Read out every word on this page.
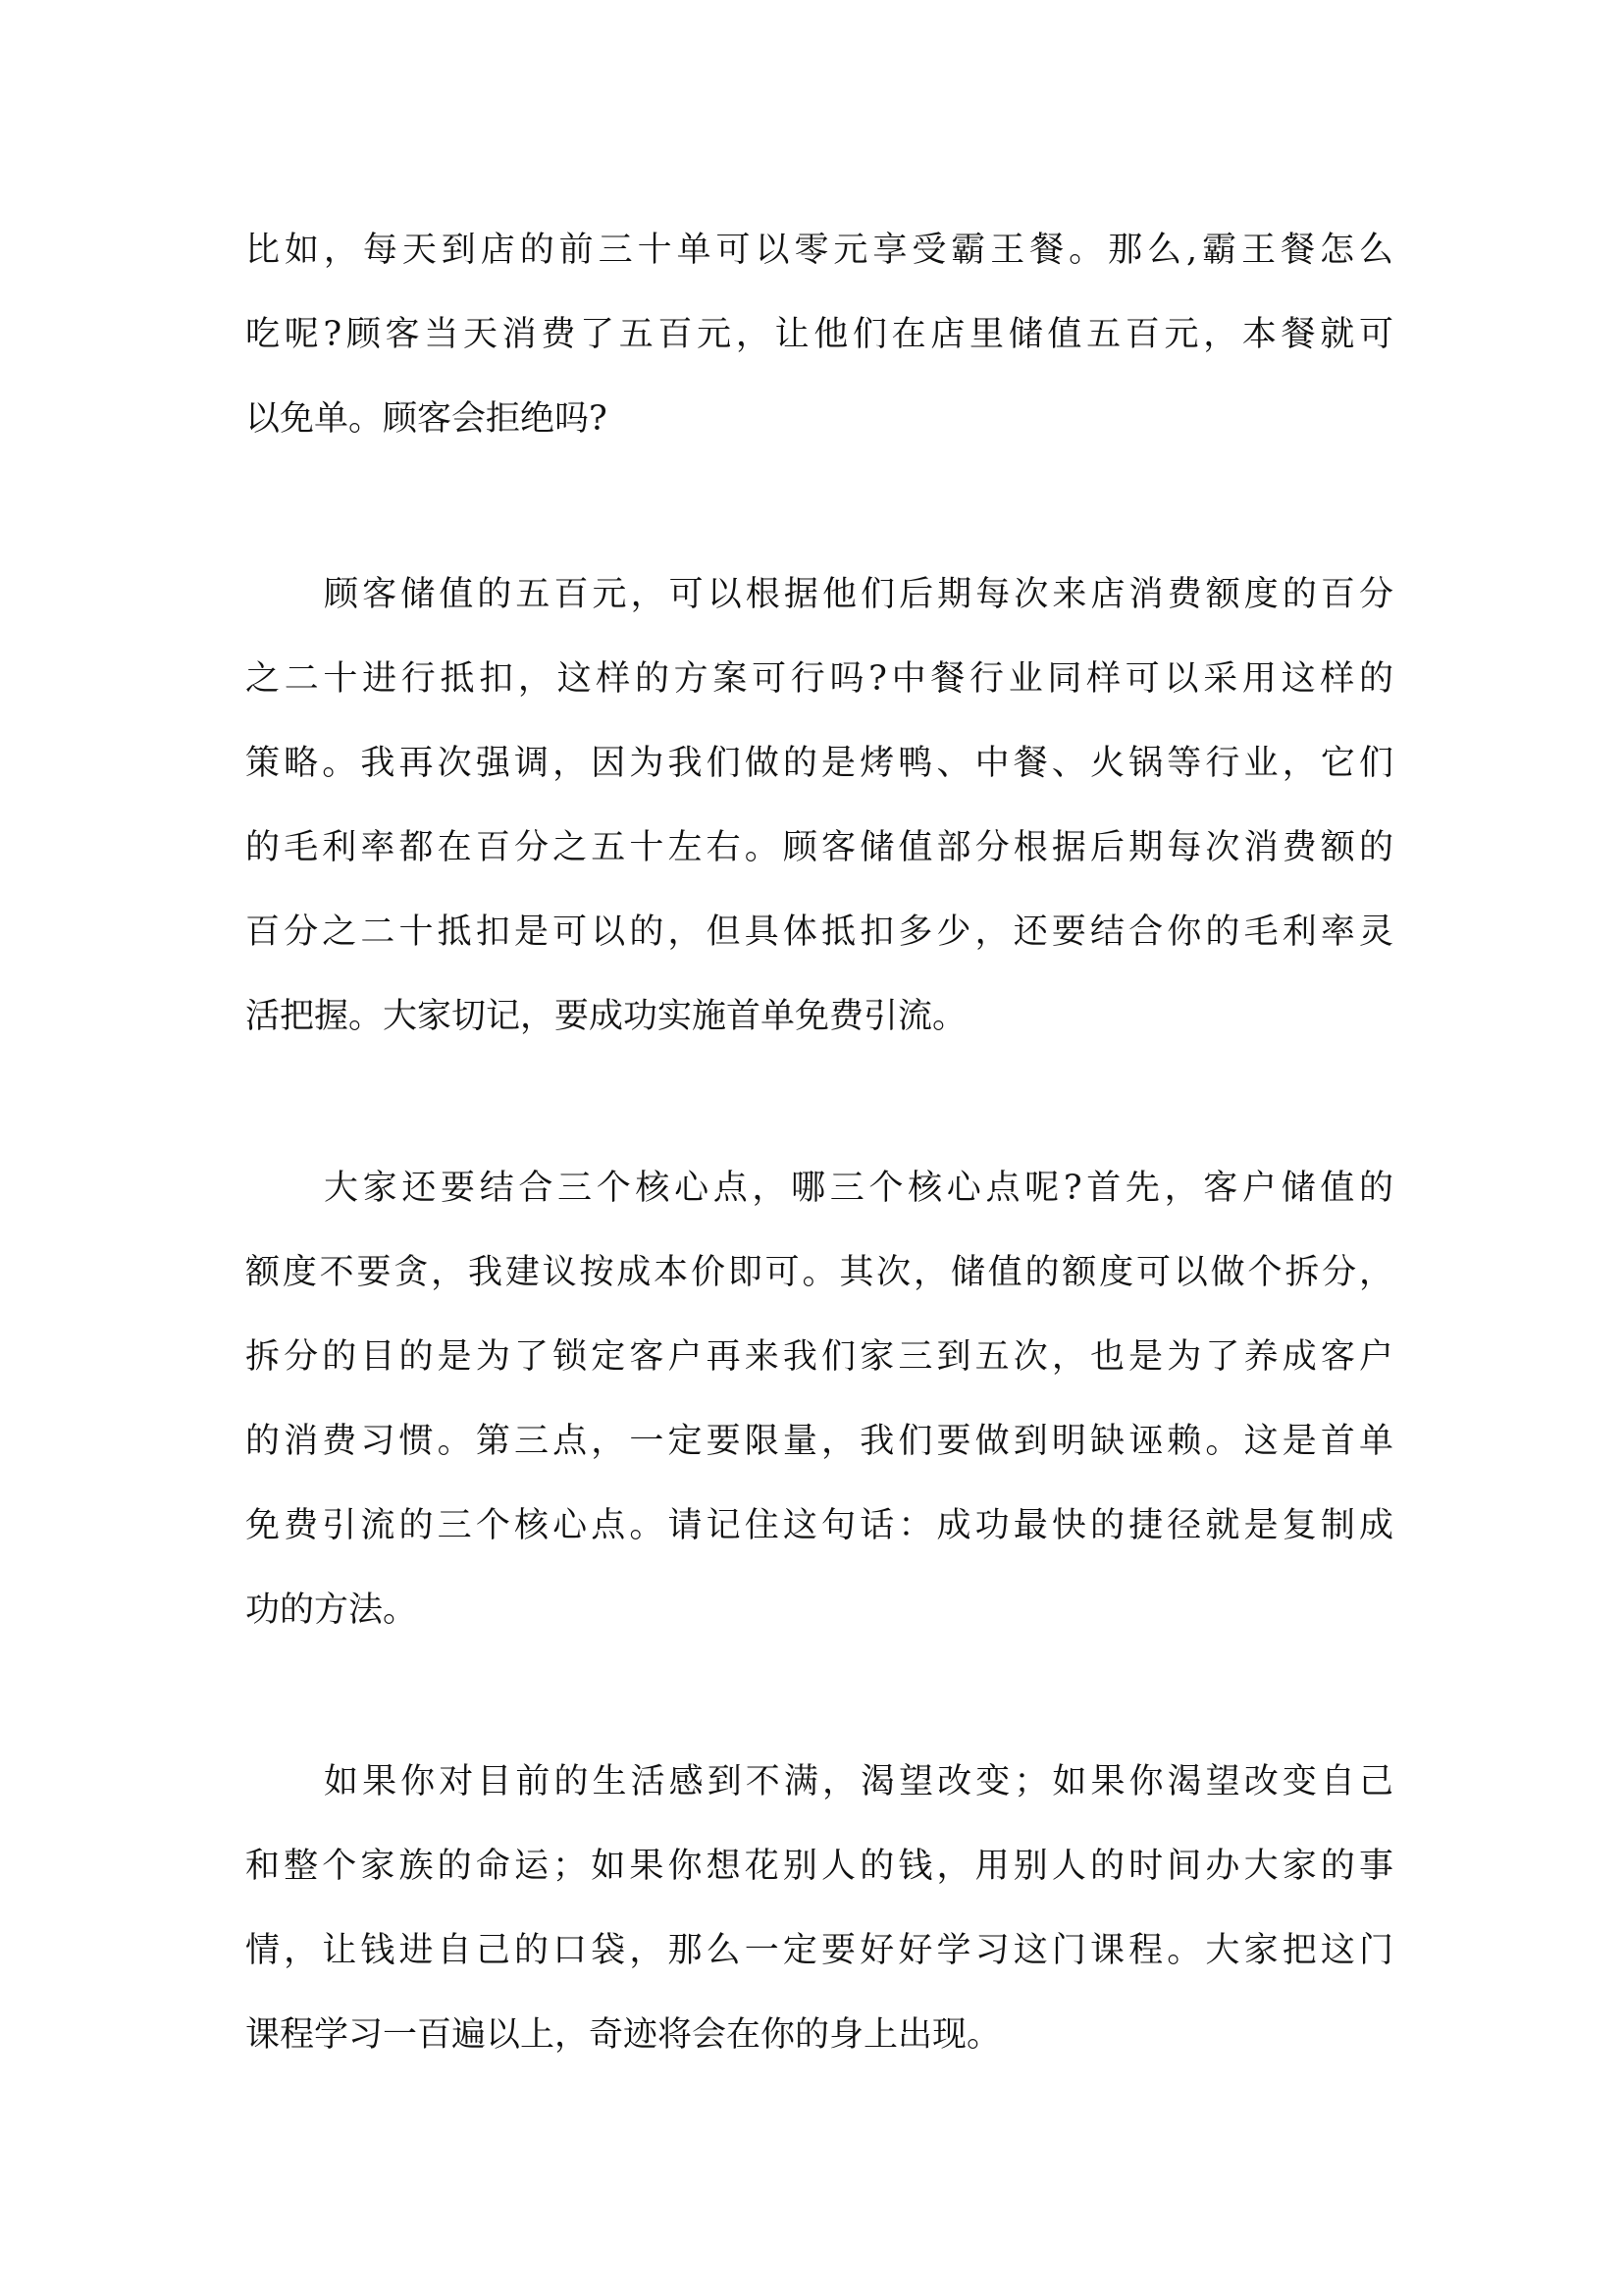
比如，每天到店的前三十单可以零元享受霸王餐。那么,霸王餐怎么
吃呢?顾客当天消费了五百元，让他们在店里储值五百元，本餐就可
以免单。顾客会拒绝吗?
顾客储值的五百元，可以根据他们后期每次来店消费额度的百分
之二十进行抵扣，这样的方案可行吗?中餐行业同样可以采用这样的
策略。我再次强调，因为我们做的是烤鸭、中餐、火锅等行业，它们
的毛利率都在百分之五十左右。顾客储值部分根据后期每次消费额的
百分之二十抵扣是可以的，但具体抵扣多少，还要结合你的毛利率灵
活把握。大家切记，要成功实施首单免费引流。
大家还要结合三个核心点，哪三个核心点呢?首先，客户储值的
额度不要贪，我建议按成本价即可。其次，储值的额度可以做个拆分，
拆分的目的是为了锁定客户再来我们家三到五次，也是为了养成客户
的消费习惯。第三点，一定要限量，我们要做到明缺诬赖。这是首单
免费引流的三个核心点。请记住这句话：成功最快的捷径就是复制成
功的方法。
如果你对目前的生活感到不满，渴望改变；如果你渴望改变自己
和整个家族的命运；如果你想花别人的钱，用别人的时间办大家的事
情，让钱进自己的口袋，那么一定要好好学习这门课程。大家把这门
课程学习一百遍以上，奇迹将会在你的身上出现。
